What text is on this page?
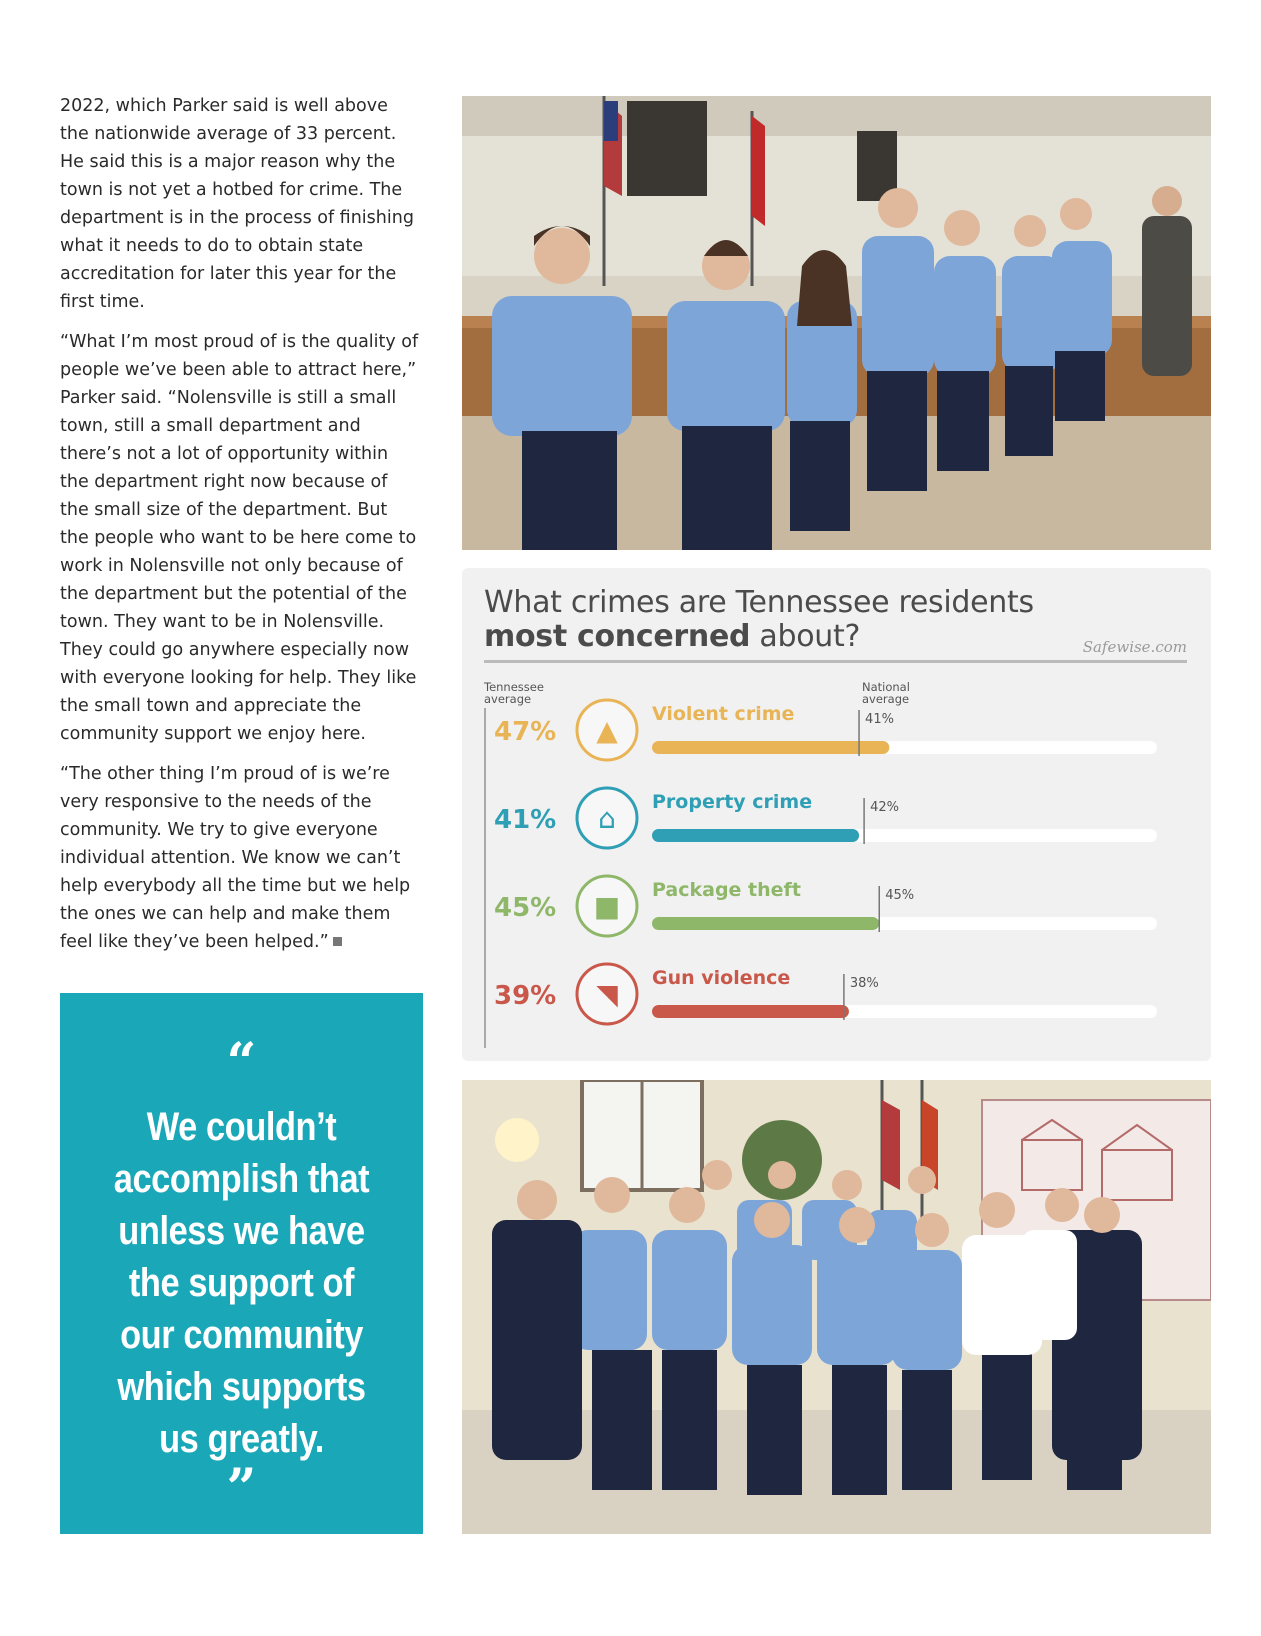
2022, which Parker said is well above the nationwide average of 33 percent. He said this is a major reason why the town is not yet a hotbed for crime. The department is in the process of finishing what it needs to do to obtain state accreditation for later this year for the first time.

“What I’m most proud of is the quality of people we’ve been able to attract here,” Parker said. “Nolensville is still a small town, still a small department and there’s not a lot of opportunity within the department right now because of the small size of the department. But the people who want to be here come to work in Nolensville not only because of the department but the potential of the town. They want to be in Nolensville. They could go anywhere especially now with everyone looking for help. They like the small town and appreciate the community support we enjoy here.

“The other thing I’m proud of is we’re very responsive to the needs of the community. We try to give everyone individual attention. We know we can’t help everybody all the time but we help the ones we can help and make them feel like they’ve been helped.”

“
We couldn’t accomplish that unless we have the support of our community which supports us greatly.
”
What crimes are Tennessee residents most concerned about?	Safewise.com
Tennessee average
National average
47% ▲ Violent crime	41%
41% ⌂ Property crime	42%
45% ■ Package theft	45%
39% ◥ Gun violence	38%
